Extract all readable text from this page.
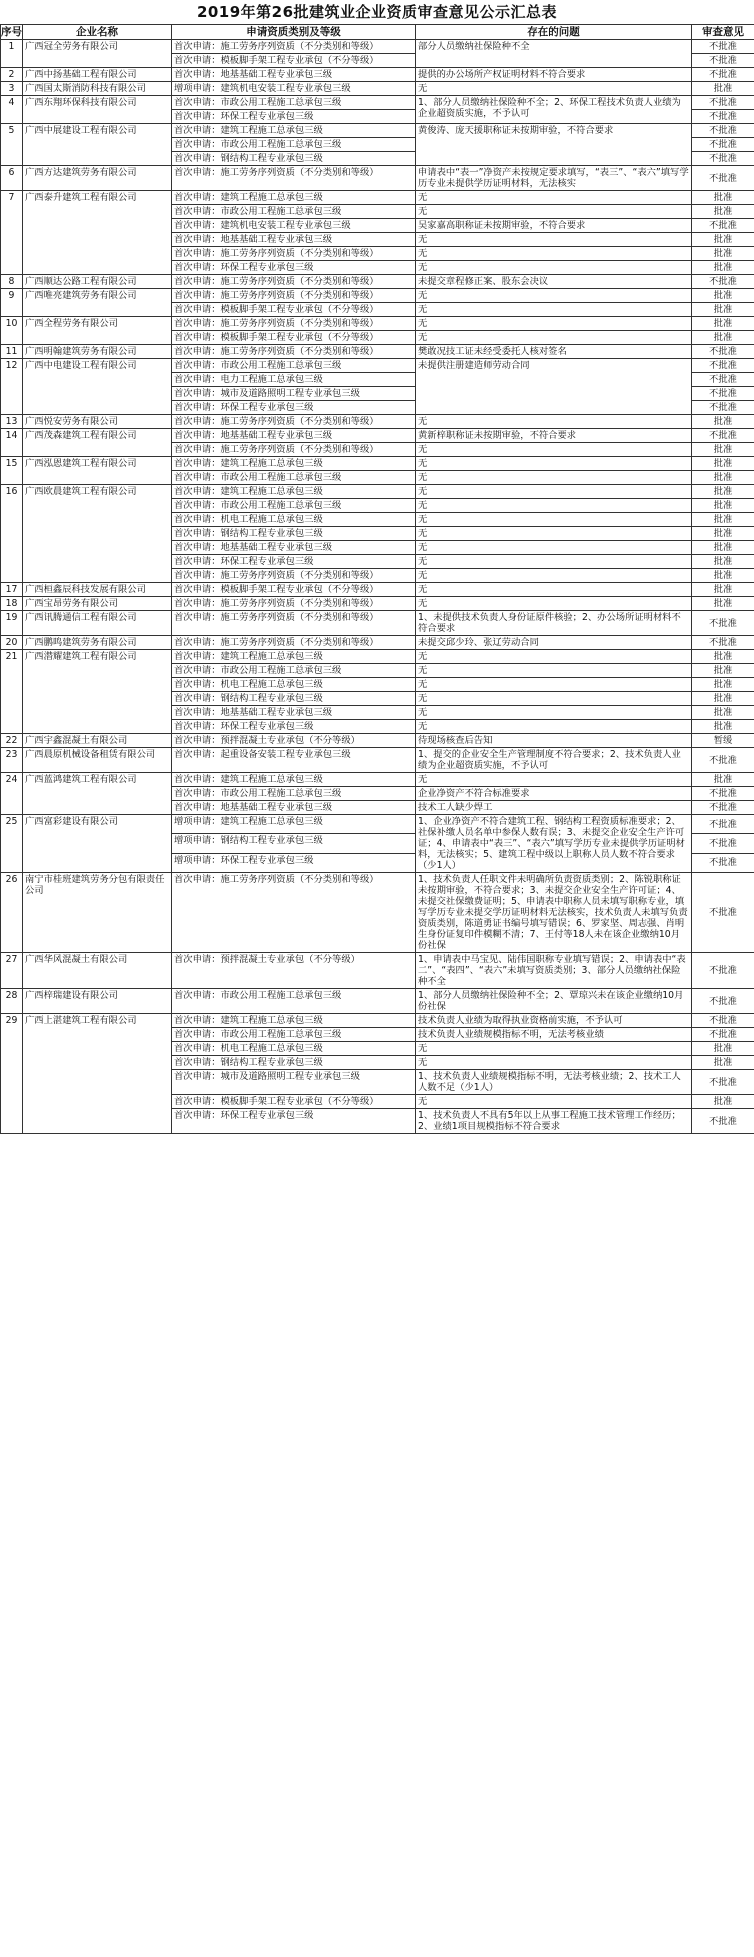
2019年第26批建筑业企业资质审查意见公示汇总表
序号	企业名称	申请资质类别及等级	存在的问题	审查意见
1	广西冠全劳务有限公司	首次申请：施工劳务序列资质（不分类别和等级）	部分人员缴纳社保险种不全	不批准
		首次申请：模板脚手架工程专业承包（不分等级）		不批准
2	广西中扬基础工程有限公司	首次申请：地基基础工程专业承包三级	提供的办公场所产权证明材料不符合要求	不批准
3	广西国太斯消防科技有限公司	增项申请：建筑机电安装工程专业承包三级	无	批准
4	广西东翔环保科技有限公司	首次申请：市政公用工程施工总承包三级	1、部分人员缴纳社保险种不全；2、环保工程技术负责人业绩为企业超资质实施，不予认可	不批准
		首次申请：环保工程专业承包三级		不批准
5	广西中展建设工程有限公司	首次申请：建筑工程施工总承包三级	黄俊涛、庞天援职称证未按期审验，不符合要求	不批准
		首次申请：市政公用工程施工总承包三级		不批准
		首次申请：钢结构工程专业承包三级		不批准
6	广西方达建筑劳务有限公司	首次申请：施工劳务序列资质（不分类别和等级）	申请表中“表一”净资产未按规定要求填写，“表三”、“表六”填写学历专业未提供学历证明材料，无法核实	不批准
7	广西泰升建筑工程有限公司	首次申请：建筑工程施工总承包三级	无	批准
		首次申请：市政公用工程施工总承包三级	无	批准
		首次申请：建筑机电安装工程专业承包三级	吴家嘉高职称证未按期审验，不符合要求	不批准
		首次申请：地基基础工程专业承包三级	无	批准
		首次申请：施工劳务序列资质（不分类别和等级）	无	批准
		首次申请：环保工程专业承包三级	无	批准
8	广西顺达公路工程有限公司	首次申请：施工劳务序列资质（不分类别和等级）	未提交章程修正案、股东会决议	不批准
9	广西唯亮建筑劳务有限公司	首次申请：施工劳务序列资质（不分类别和等级）	无	批准
		首次申请：模板脚手架工程专业承包（不分等级）	无	批准
10	广西全程劳务有限公司	首次申请：施工劳务序列资质（不分类别和等级）	无	批准
		首次申请：模板脚手架工程专业承包（不分等级）	无	批准
11	广西明翰建筑劳务有限公司	首次申请：施工劳务序列资质（不分类别和等级）	樊敢况技工证未经受委托人核对签名	不批准
12	广西中电建设工程有限公司	首次申请：市政公用工程施工总承包三级	未提供注册建造师劳动合同	不批准
		首次申请：电力工程施工总承包三级		不批准
		首次申请：城市及道路照明工程专业承包三级		不批准
		首次申请：环保工程专业承包三级		不批准
13	广西悦安劳务有限公司	首次申请：施工劳务序列资质（不分类别和等级）	无	批准
14	广西茂森建筑工程有限公司	首次申请：地基基础工程专业承包三级	黄新梓职称证未按期审验，不符合要求	不批准
		首次申请：施工劳务序列资质（不分类别和等级）	无	批准
15	广西泓恩建筑工程有限公司	首次申请：建筑工程施工总承包三级	无	批准
		首次申请：市政公用工程施工总承包三级	无	批准
16	广西欧晨建筑工程有限公司	首次申请：建筑工程施工总承包三级	无	批准
		首次申请：市政公用工程施工总承包三级	无	批准
		首次申请：机电工程施工总承包三级	无	批准
		首次申请：钢结构工程专业承包三级	无	批准
		首次申请：地基基础工程专业承包三级	无	批准
		首次申请：环保工程专业承包三级	无	批准
		首次申请：施工劳务序列资质（不分类别和等级）	无	批准
17	广西桓鑫辰科技发展有限公司	首次申请：模板脚手架工程专业承包（不分等级）	无	批准
18	广西宝昂劳务有限公司	首次申请：施工劳务序列资质（不分类别和等级）	无	批准
19	广西讯腾通信工程有限公司	首次申请：施工劳务序列资质（不分类别和等级）	1、未提供技术负责人身份证原件核验；2、办公场所证明材料不符合要求	不批准
20	广西鹏鸣建筑劳务有限公司	首次申请：施工劳务序列资质（不分类别和等级）	未提交邱少玲、张辽劳动合同	不批准
21	广西潜耀建筑工程有限公司	首次申请：建筑工程施工总承包三级	无	批准
		首次申请：市政公用工程施工总承包三级	无	批准
		首次申请：机电工程施工总承包三级	无	批准
		首次申请：钢结构工程专业承包三级	无	批准
		首次申请：地基基础工程专业承包三级	无	批准
		首次申请：环保工程专业承包三级	无	批准
22	广西宇鑫混凝土有限公司	首次申请：预拌混凝土专业承包（不分等级）	待现场核查后告知	暂缓
23	广西晨原机械设备租赁有限公司	首次申请：起重设备安装工程专业承包三级	1、提交的企业安全生产管理制度不符合要求；2、技术负责人业绩为企业超资质实施，不予认可	不批准
24	广西蓝鸿建筑工程有限公司	首次申请：建筑工程施工总承包三级	无	批准
		首次申请：市政公用工程施工总承包三级	企业净资产不符合标准要求	不批准
		首次申请：地基基础工程专业承包三级	技术工人缺少焊工	不批准
25	广西富彩建设有限公司	增项申请：建筑工程施工总承包三级	1、企业净资产不符合建筑工程、钢结构工程资质标准要求；2、社保补缴人员名单中参保人数有误；3、未提交企业安全生产许可证；4、申请表中“表三”、“表六”填写学历专业未提供学历证明材料，无法核实；5、建筑工程中级以上职称人员人数不符合要求（少1人）	不批准
		增项申请：钢结构工程专业承包三级		不批准
		增项申请：环保工程专业承包三级		不批准
26	南宁市桂班建筑劳务分包有限责任公司	首次申请：施工劳务序列资质（不分类别和等级）	1、技术负责人任职文件未明确所负责资质类别；2、陈锐职称证未按期审验，不符合要求；3、未提交企业安全生产许可证；4、未提交社保缴费证明；5、申请表中职称人员未填写职称专业，填写学历专业未提交学历证明材料无法核实，技术负责人未填写负责资质类别，陈道勇证书编号填写错误；6、罗家坚、周志强、肖明生身份证复印件模糊不清；7、王付等18人未在该企业缴纳10月份社保	不批准
27	广西华风混凝土有限公司	首次申请：预拌混凝土专业承包（不分等级）	1、申请表中马宝见、陆伟国职称专业填写错误；2、申请表中“表二”、“表四”、“表六”未填写资质类别；3、部分人员缴纳社保险种不全	不批准
28	广西梓瑞建设有限公司	首次申请：市政公用工程施工总承包三级	1、部分人员缴纳社保险种不全；2、覃琼兴未在该企业缴纳10月份社保	不批准
29	广西上湛建筑工程有限公司	首次申请：建筑工程施工总承包三级	技术负责人业绩为取得执业资格前实施，不予认可	不批准
		首次申请：市政公用工程施工总承包三级	技术负责人业绩规模指标不明，无法考核业绩	不批准
		首次申请：机电工程施工总承包三级	无	批准
		首次申请：钢结构工程专业承包三级	无	批准
		首次申请：城市及道路照明工程专业承包三级	1、技术负责人业绩规模指标不明，无法考核业绩；2、技术工人人数不足（少1人）	不批准
		首次申请：模板脚手架工程专业承包（不分等级）	无	批准
		首次申请：环保工程专业承包三级	1、技术负责人不具有5年以上从事工程施工技术管理工作经历；2、业绩1项目规模指标不符合要求	不批准
